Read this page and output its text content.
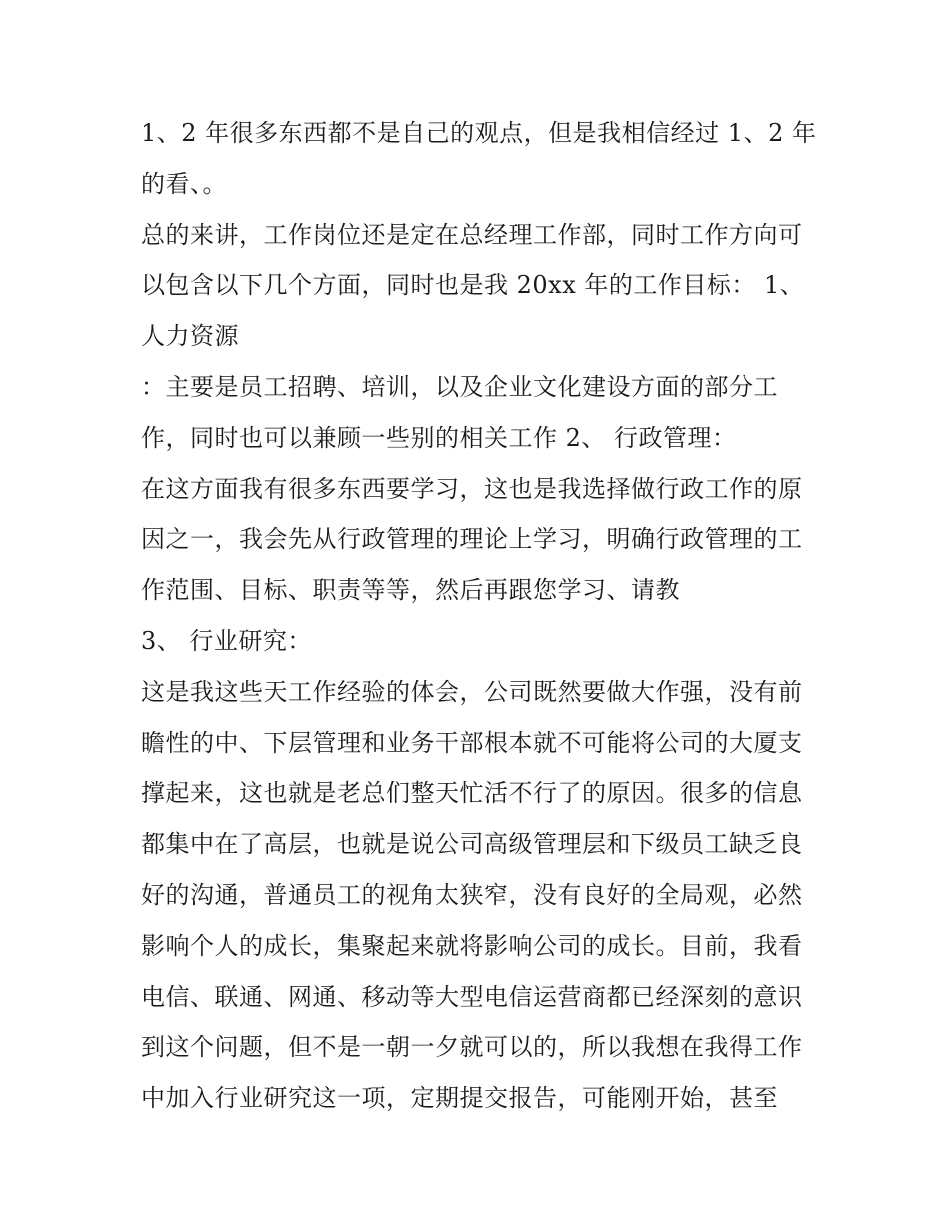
1、2 年很多东西都不是自己的观点，但是我相信经过 1、2 年
的看、。
总的来讲，工作岗位还是定在总经理工作部，同时工作方向可
以包含以下几个方面，同时也是我 20xx 年的工作目标： 1、
人力资源
：主要是员工招聘、培训，以及企业文化建设方面的部分工
作，同时也可以兼顾一些别的相关工作 2、 行政管理：
在这方面我有很多东西要学习，这也是我选择做行政工作的原
因之一，我会先从行政管理的理论上学习，明确行政管理的工
作范围、目标、职责等等，然后再跟您学习、请教
3、 行业研究：
这是我这些天工作经验的体会，公司既然要做大作强，没有前
瞻性的中、下层管理和业务干部根本就不可能将公司的大厦支
撑起来，这也就是老总们整天忙活不行了的原因。很多的信息
都集中在了高层，也就是说公司高级管理层和下级员工缺乏良
好的沟通，普通员工的视角太狭窄，没有良好的全局观，必然
影响个人的成长，集聚起来就将影响公司的成长。目前，我看
电信、联通、网通、移动等大型电信运营商都已经深刻的意识
到这个问题，但不是一朝一夕就可以的，所以我想在我得工作
中加入行业研究这一项，定期提交报告，可能刚开始，甚至
